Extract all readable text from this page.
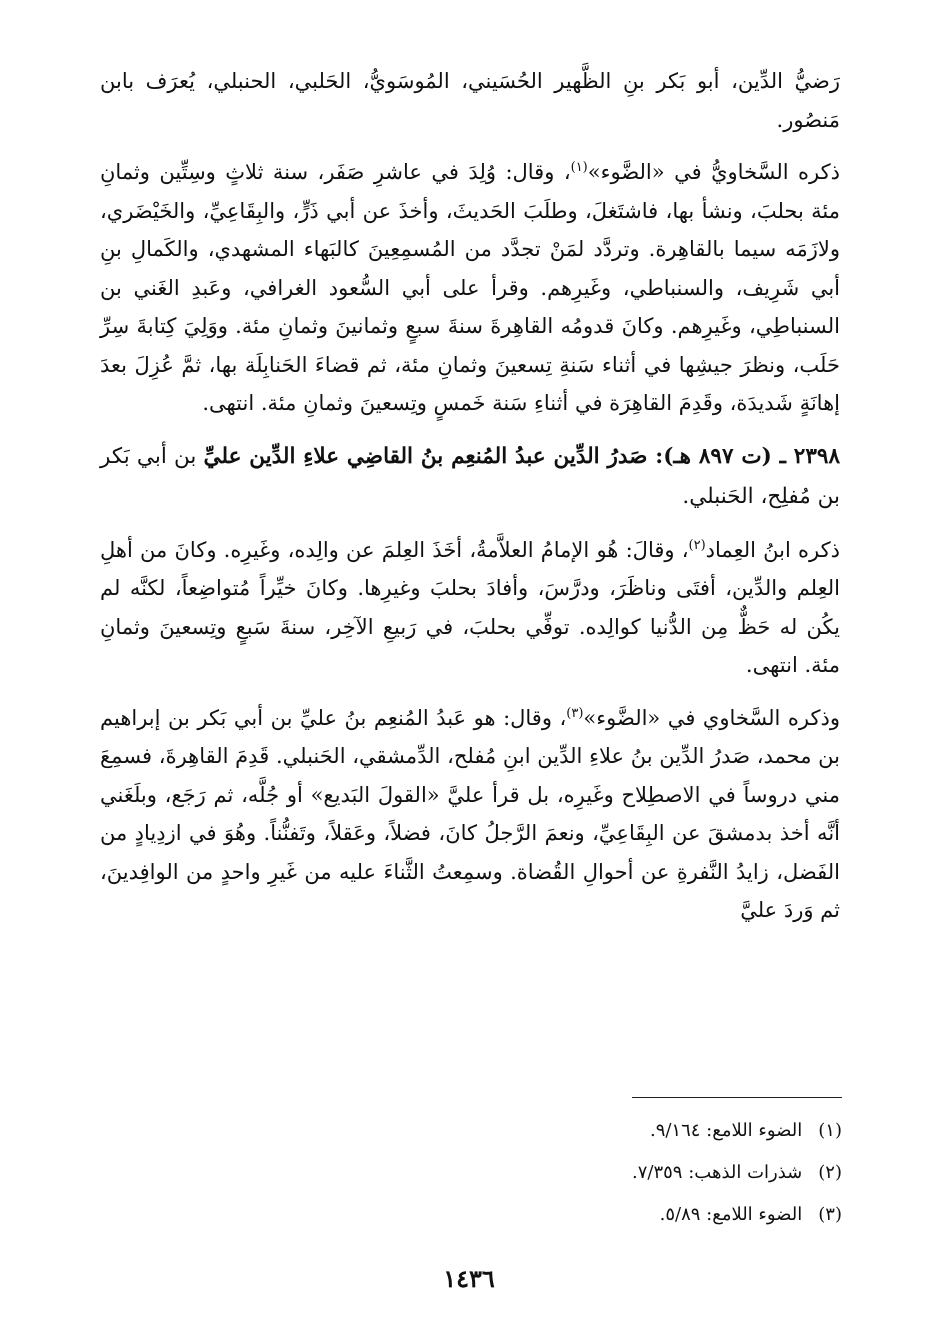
رَضيُّ الدِّين، أبو بَكر بنِ الظَّهير الحُسَيني، المُوسَويُّ، الحَلبي، الحنبلي، يُعرَف بابن مَنصُور.

ذكره السَّخاويُّ في «الضَّوء»$^{(١)}$، وقال: وُلِدَ في عاشرِ صَفَر، سنة ثلاثٍ وسِتِّين وثمانِ مئة بحلبَ، ونشأ بها، فاشتَغلَ، وطلَبَ الحَديثَ، وأخذَ عن أبي ذَرٍّ، والبِقَاعِيِّ، والخَيْضَري، ولازَمَه سيما بالقاهِرة. وتردَّد لمَنْ تجدَّد من المُسمِعِينَ كالبَهاء المشهدي، والكَمالِ بنِ أبي شَرِيف، والسنباطي، وغَيرِهم. وقرأ على أبي السُّعود الغرافي، وعَبدِ الغَني بن السنباطِي، وغَيرِهم. وكانَ قدومُه القاهِرةَ سنةَ سبعٍ وثمانينَ وثمانِ مئة. ووَلِيَ كِتابةَ سِرِّ حَلَب، ونظرَ جيشِها في أثناء سَنةِ تِسعينَ وثمانِ مئة، ثم قضاءَ الحَنابِلَة بها، ثمَّ عُزِلَ بعدَ إهانَةٍ شَديدَة، وقَدِمَ القاهِرَة في أثناءِ سَنة خَمسٍ وتِسعينَ وثمانِ مئة. انتهى.

٢٣٩٨ ـ (ت ٨٩٧ هـ): صَدرُ الدِّين عبدُ المُنعِم بنُ القاضِي علاءِ الدِّين عليِّ بن أبي بَكر بن مُفلِح، الحَنبلي.

ذكره ابنُ العِماد$^{(٢)}$، وقالَ: هُو الإمامُ العلاَّمةُ، أخَذَ العِلمَ عن والِده، وغَيرِه. وكانَ من أهلِ العِلم والدِّين، أفتَى وناظَرَ، ودرَّسَ، وأفادَ بحلبَ وغيرِها. وكانَ خيِّراً مُتواضِعاً، لكنَّه لم يكُن له حَظٌّ مِن الدُّنيا كوالِده. توفِّي بحلبَ، في رَبيعِ الآخِر، سنةَ سَبعٍ وتِسعينَ وثمانِ مئة. انتهى.

وذكره السَّخاوي في «الضَّوء»$^{(٣)}$، وقال: هو عَبدُ المُنعِم بنُ عليِّ بن أبي بَكر بن إبراهيم بن محمد، صَدرُ الدِّين بنُ علاءِ الدِّين ابنِ مُفلح، الدِّمشقي، الحَنبلي. قَدِمَ القاهِرةَ، فسمِعَ مني دروساً في الاصطِلاح وغَيرِه، بل قرأ عليَّ «القولَ البَديع» أو جُلَّه، ثم رَجَع، وبلَغَني أنَّه أخذ بدمشقَ عن البِقَاعِيِّ، ونعمَ الرَّجلُ كانَ، فضلاً، وعَقلاً، وتَفنُّناً. وهُوَ في ازدِيادٍ من الفَضل، زايدُ النَّفرةِ عن أحوالِ القُضاة. وسمِعتُ الثَّناءَ عليه من غَيرِ واحدٍ من الوافِدينَ، ثم وَردَ عليَّ

(١) الضوء اللامع: ٩/١٦٤.
(٢) شذرات الذهب: ٧/٣٥٩.
(٣) الضوء اللامع: ٥/٨٩.
١٤٣٦
